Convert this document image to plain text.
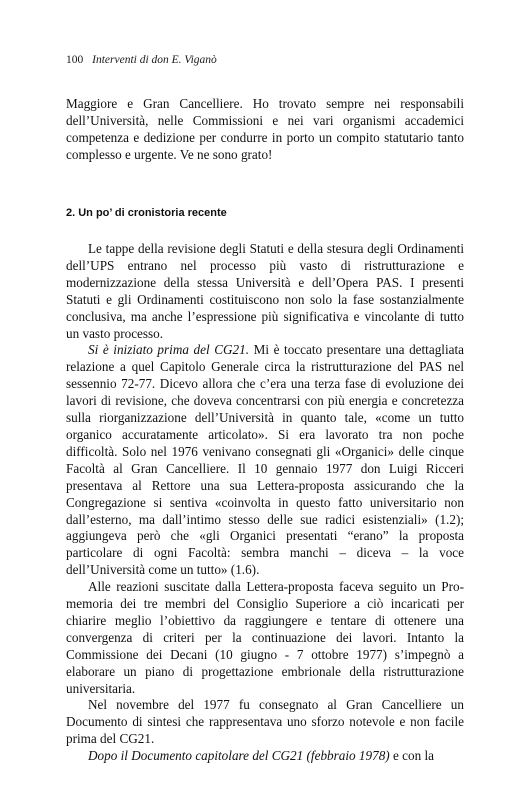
100 Interventi di don E. Viganò

Maggiore e Gran Cancelliere. Ho trovato sempre nei responsabili dell’Università, nelle Commissioni e nei vari organismi accademici competenza e dedizione per condurre in porto un compito statutario tanto complesso e urgente. Ve ne sono grato!

2. Un po’ di cronistoria recente

Le tappe della revisione degli Statuti e della stesura degli Ordinamenti dell’UPS entrano nel processo più vasto di ristrutturazione e modernizzazione della stessa Università e dell’Opera PAS. I presenti Statuti e gli Ordinamenti costituiscono non solo la fase sostanzialmente conclusiva, ma anche l’espressione più significativa e vincolante di tutto un vasto processo.

Si è iniziato prima del CG21. Mi è toccato presentare una dettagliata relazione a quel Capitolo Generale circa la ristrutturazione del PAS nel sessennio 72-77. Dicevo allora che c’era una terza fase di evoluzione dei lavori di revisione, che doveva concentrarsi con più energia e concretezza sulla riorganizzazione dell’Università in quanto tale, «come un tutto organico accuratamente articolato». Si era lavorato tra non poche difficoltà. Solo nel 1976 venivano consegnati gli «Organici» delle cinque Facoltà al Gran Cancelliere. Il 10 gennaio 1977 don Luigi Ricceri presentava al Rettore una sua Lettera-proposta assicurando che la Congregazione si sentiva «coinvolta in questo fatto universitario non dall’esterno, ma dall’intimo stesso delle sue radici esistenziali» (1.2); aggiungeva però che «gli Organici presentati “erano” la proposta particolare di ogni Facoltà: sembra manchi – diceva – la voce dell’Università come un tutto» (1.6).

Alle reazioni suscitate dalla Lettera-proposta faceva seguito un Pro-memoria dei tre membri del Consiglio Superiore a ciò incaricati per chiarire meglio l’obiettivo da raggiungere e tentare di ottenere una convergenza di criteri per la continuazione dei lavori. Intanto la Commissione dei Decani (10 giugno - 7 ottobre 1977) s’impegnò a elaborare un piano di progettazione embrionale della ristrutturazione universitaria.

Nel novembre del 1977 fu consegnato al Gran Cancelliere un Documento di sintesi che rappresentava uno sforzo notevole e non facile prima del CG21.

Dopo il Documento capitolare del CG21 (febbraio 1978) e con la
